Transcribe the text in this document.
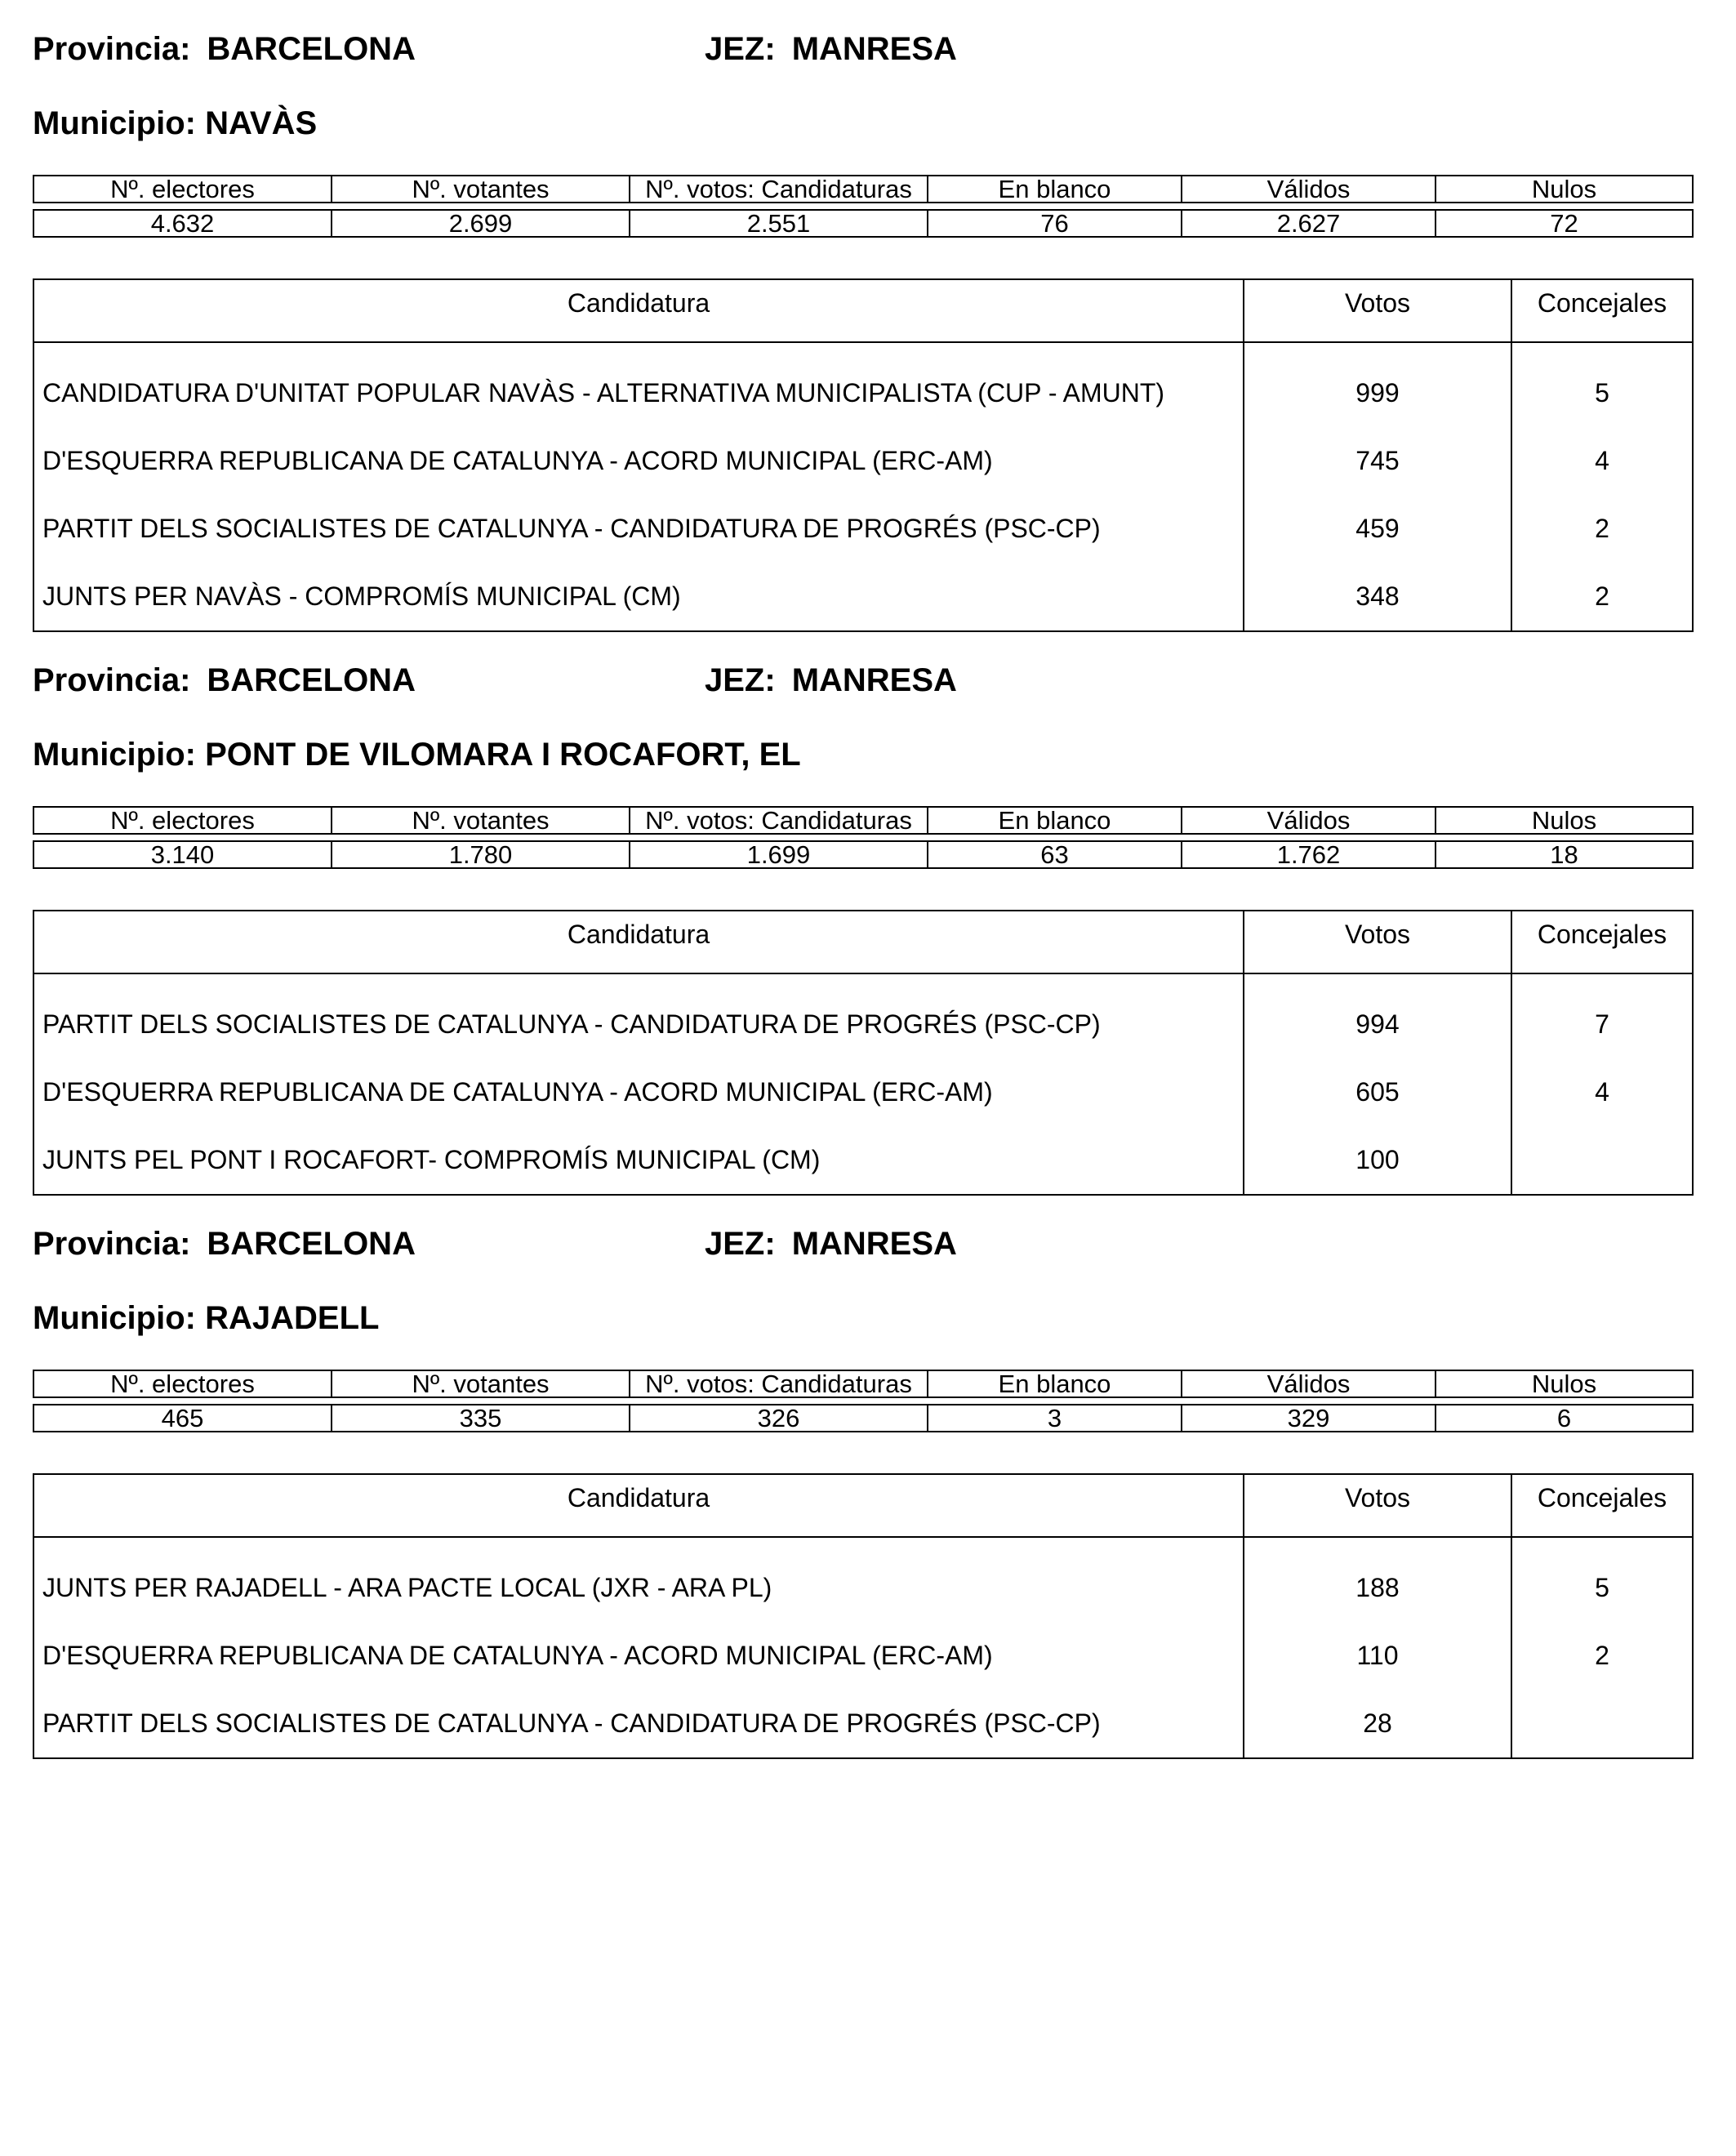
Provincia: BARCELONA	JEZ: MANRESA
Municipio: NAVÀS
Nº. electores	Nº. votantes	Nº. votos: Candidaturas	En blanco	Válidos	Nulos
4.632	2.699	2.551	76	2.627	72
Candidatura	Votos	Concejales
CANDIDATURA D'UNITAT POPULAR NAVÀS - ALTERNATIVA MUNICIPALISTA (CUP - AMUNT)	999	5
D'ESQUERRA REPUBLICANA DE CATALUNYA - ACORD MUNICIPAL (ERC-AM)	745	4
PARTIT DELS SOCIALISTES DE CATALUNYA - CANDIDATURA DE PROGRÉS (PSC-CP)	459	2
JUNTS PER NAVÀS - COMPROMÍS MUNICIPAL (CM)	348	2
Provincia: BARCELONA	JEZ: MANRESA
Municipio: PONT DE VILOMARA I ROCAFORT, EL
Nº. electores	Nº. votantes	Nº. votos: Candidaturas	En blanco	Válidos	Nulos
3.140	1.780	1.699	63	1.762	18
Candidatura	Votos	Concejales
PARTIT DELS SOCIALISTES DE CATALUNYA - CANDIDATURA DE PROGRÉS (PSC-CP)	994	7
D'ESQUERRA REPUBLICANA DE CATALUNYA - ACORD MUNICIPAL (ERC-AM)	605	4
JUNTS PEL PONT I ROCAFORT- COMPROMÍS MUNICIPAL (CM)	100	
Provincia: BARCELONA	JEZ: MANRESA
Municipio: RAJADELL
Nº. electores	Nº. votantes	Nº. votos: Candidaturas	En blanco	Válidos	Nulos
465	335	326	3	329	6
Candidatura	Votos	Concejales
JUNTS PER RAJADELL - ARA PACTE LOCAL (JXR - ARA PL)	188	5
D'ESQUERRA REPUBLICANA DE CATALUNYA - ACORD MUNICIPAL (ERC-AM)	110	2
PARTIT DELS SOCIALISTES DE CATALUNYA - CANDIDATURA DE PROGRÉS (PSC-CP)	28	
